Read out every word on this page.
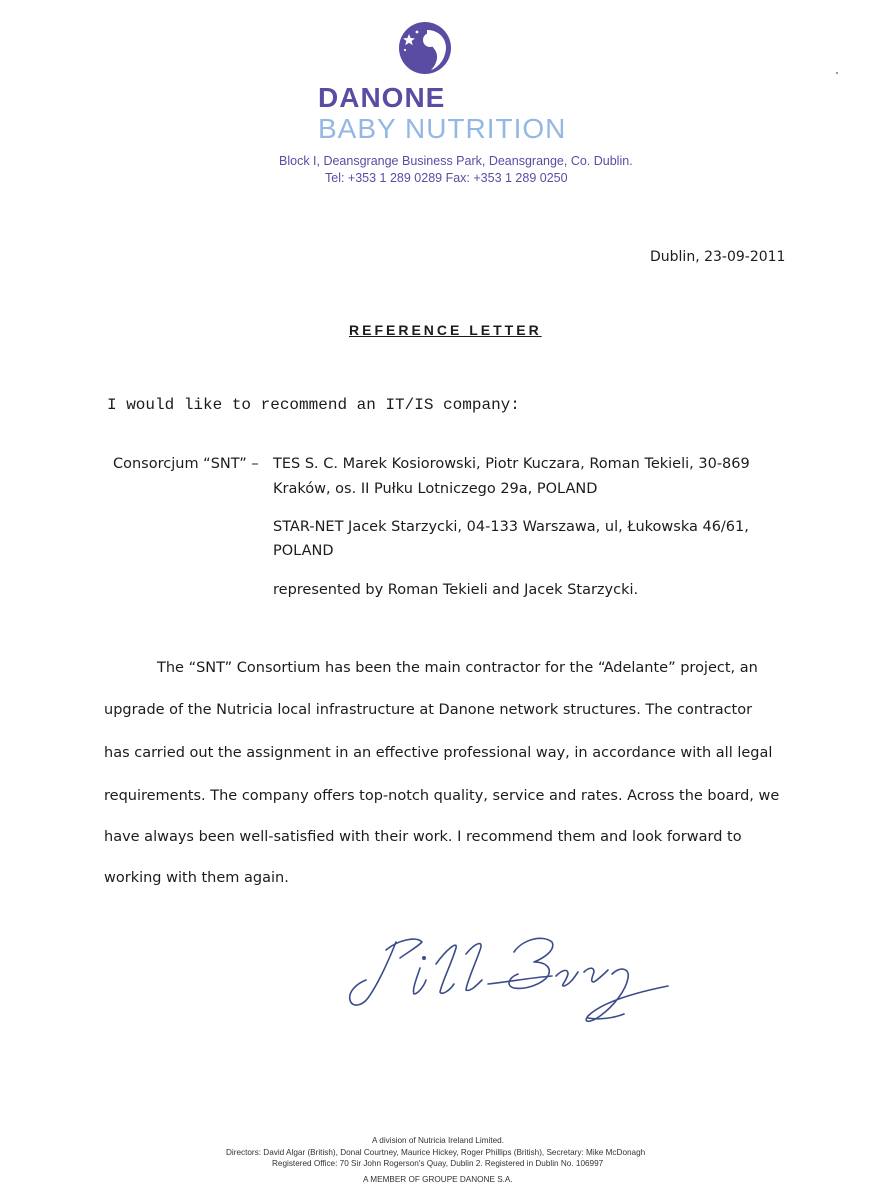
DANONE
BABY NUTRITION
Block I, Deansgrange Business Park, Deansgrange, Co. Dublin.
Tel: +353 1 289 0289 Fax: +353 1 289 0250
Dublin, 23-09-2011
REFERENCE LETTER
I would like to recommend an IT/IS company:
Consorcjum “SNT” – TES S. C. Marek Kosiorowski, Piotr Kuczara, Roman Tekieli, 30-869
Kraków, os. II Pułku Lotniczego 29a, POLAND
STAR-NET Jacek Starzycki, 04-133 Warszawa, ul, Łukowska 46/61,
POLAND
represented by Roman Tekieli and Jacek Starzycki.
The “SNT” Consortium has been the main contractor for the “Adelante” project, an
upgrade of the Nutricia local infrastructure at Danone network structures. The contractor
has carried out the assignment in an effective professional way, in accordance with all legal
requirements. The company offers top-notch quality, service and rates. Across the board, we
have always been well-satisfied with their work. I recommend them and look forward to
working with them again.
A division of Nutricia Ireland Limited.
Directors: David Algar (British), Donal Courtney, Maurice Hickey, Roger Phillips (British), Secretary: Mike McDonagh
Registered Office: 70 Sir John Rogerson's Quay, Dublin 2. Registered in Dublin No. 106997
A MEMBER OF GROUPE DANONE S.A.
